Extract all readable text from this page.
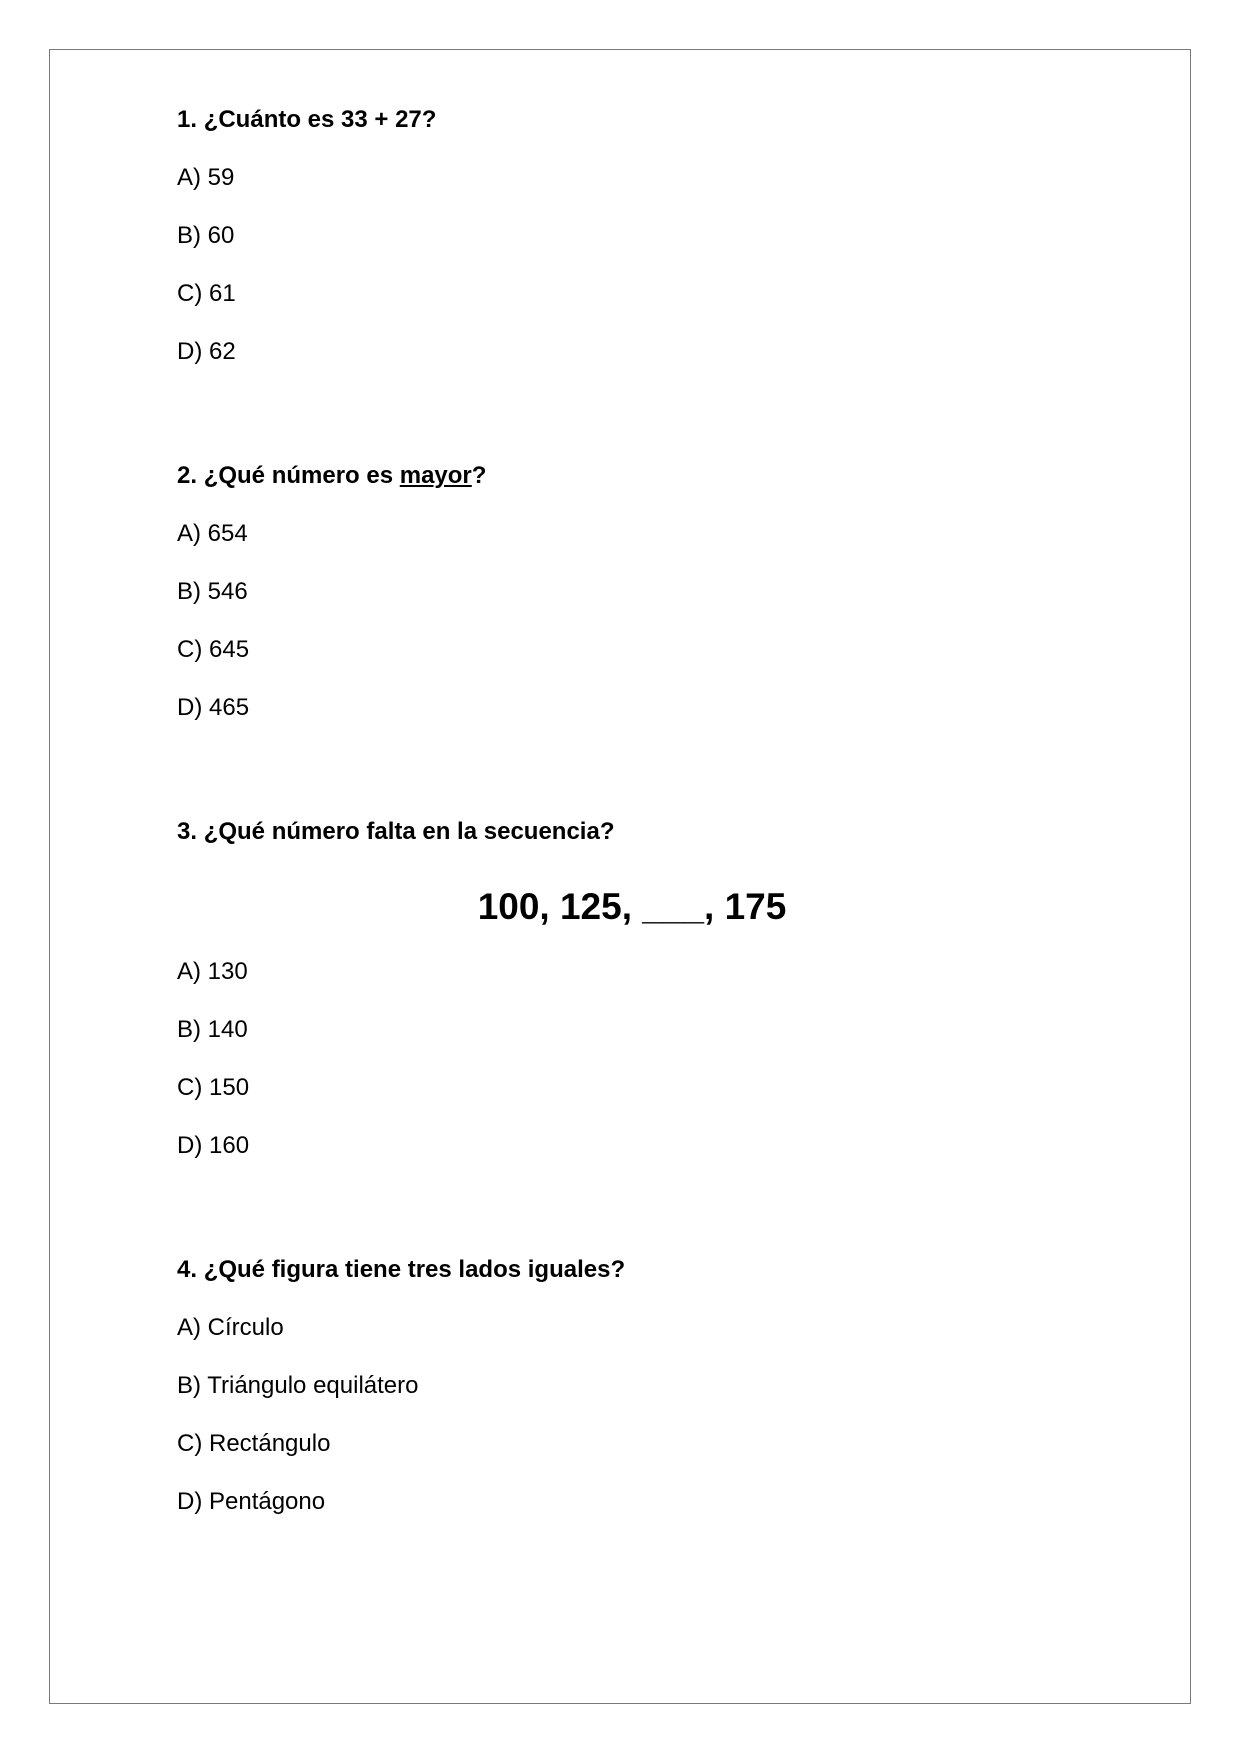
1. ¿Cuánto es 33 + 27?
A) 59
B) 60
C) 61
D) 62
2. ¿Qué número es mayor?
A) 654
B) 546
C) 645
D) 465
3. ¿Qué número falta en la secuencia?
100, 125, ___, 175
A) 130
B) 140
C) 150
D) 160
4. ¿Qué figura tiene tres lados iguales?
A) Círculo
B) Triángulo equilátero
C) Rectángulo
D) Pentágono
